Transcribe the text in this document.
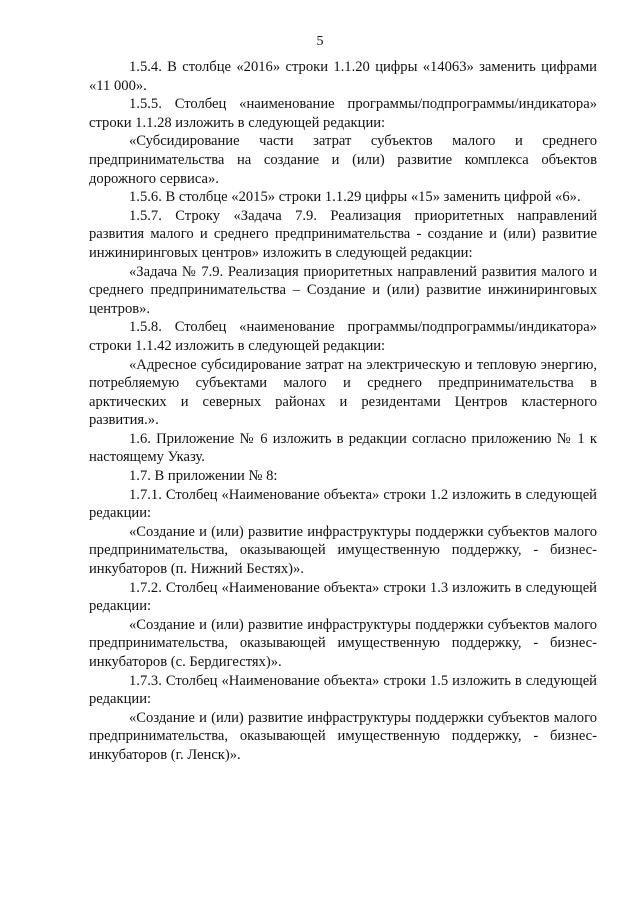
5

1.5.4. В столбце «2016» строки 1.1.20 цифры «14063» заменить цифрами «11 000».

1.5.5. Столбец «наименование программы/подпрограммы/индикатора» строки 1.1.28 изложить в следующей редакции:

«Субсидирование части затрат субъектов малого и среднего предпринимательства на создание и (или) развитие комплекса объектов дорожного сервиса».

1.5.6. В столбце «2015» строки 1.1.29 цифры «15» заменить цифрой «6».

1.5.7. Строку «Задача 7.9. Реализация приоритетных направлений развития малого и среднего предпринимательства - создание и (или) развитие инжиниринговых центров» изложить в следующей редакции:

«Задача № 7.9. Реализация приоритетных направлений развития малого и среднего предпринимательства – Создание и (или) развитие инжиниринговых центров».

1.5.8. Столбец «наименование программы/подпрограммы/индикатора» строки 1.1.42 изложить в следующей редакции:

«Адресное субсидирование затрат на электрическую и тепловую энергию, потребляемую субъектами малого и среднего предпринимательства в арктических и северных районах и резидентами Центров кластерного развития.».

1.6. Приложение № 6 изложить в редакции согласно приложению № 1 к настоящему Указу.

1.7. В приложении № 8:

1.7.1. Столбец «Наименование объекта» строки 1.2 изложить в следующей редакции:

«Создание и (или) развитие инфраструктуры поддержки субъектов малого предпринимательства, оказывающей имущественную поддержку, - бизнес-инкубаторов (п. Нижний Бестях)».

1.7.2. Столбец «Наименование объекта» строки 1.3 изложить в следующей редакции:

«Создание и (или) развитие инфраструктуры поддержки субъектов малого предпринимательства, оказывающей имущественную поддержку, - бизнес-инкубаторов (с. Бердигестях)».

1.7.3. Столбец «Наименование объекта» строки 1.5 изложить в следующей редакции:

«Создание и (или) развитие инфраструктуры поддержки субъектов малого предпринимательства, оказывающей имущественную поддержку, - бизнес-инкубаторов (г. Ленск)».
